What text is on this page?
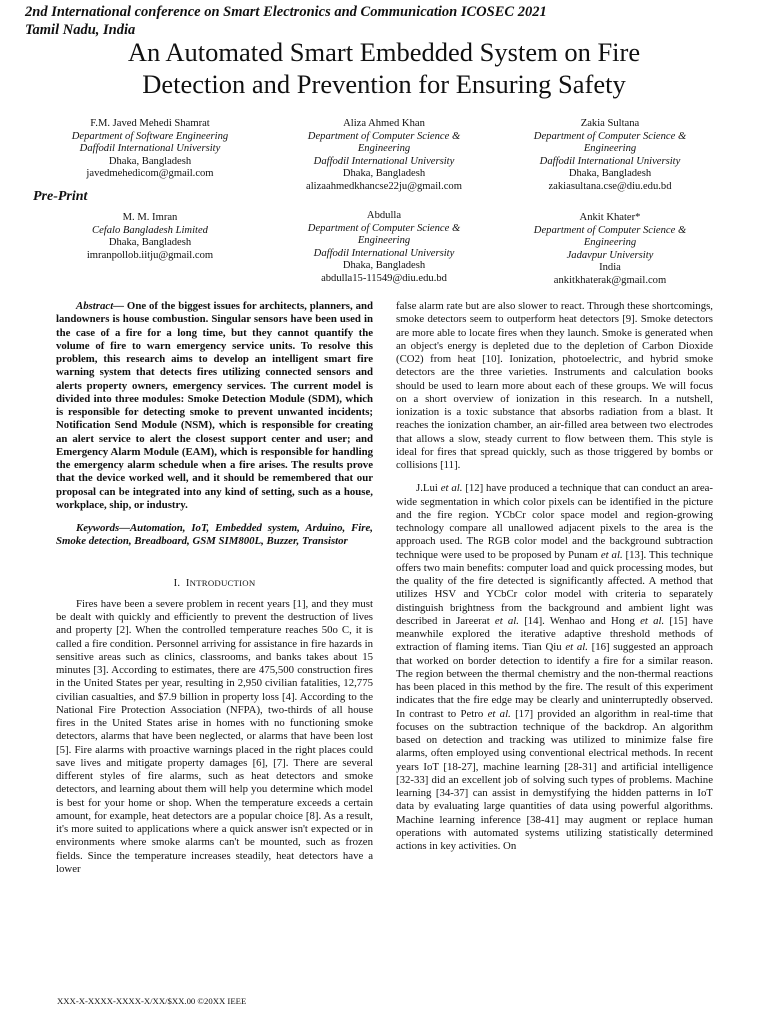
2nd International conference on Smart Electronics and Communication ICOSEC 2021
Tamil Nadu, India
An Automated Smart Embedded System on Fire
Detection and Prevention for Ensuring Safety
F.M. Javed Mehedi Shamrat
Department of Software Engineering
Daffodil International University
Dhaka, Bangladesh
javedmehedicom@gmail.com
Aliza Ahmed Khan
Department of Computer Science & Engineering
Daffodil International University
Dhaka, Bangladesh
alizaahmedkhancse22ju@gmail.com
Zakia Sultana
Department of Computer Science & Engineering
Daffodil International University
Dhaka, Bangladesh
zakiasultana.cse@diu.edu.bd
Pre-Print
M. M. Imran
Cefalo Bangladesh Limited
Dhaka, Bangladesh
imranpollob.iitju@gmail.com
Abdulla
Department of Computer Science & Engineering
Daffodil International University
Dhaka, Bangladesh
abdulla15-11549@diu.edu.bd
Ankit Khater*
Department of Computer Science & Engineering
Jadavpur University
India
ankitkhaterak@gmail.com

Abstract— One of the biggest issues for architects, planners, and landowners is house combustion. Singular sensors have been used in the case of a fire for a long time, but they cannot quantify the volume of fire to warn emergency service units. To resolve this problem, this research aims to develop an intelligent smart fire warning system that detects fires utilizing connected sensors and alerts property owners, emergency services. The current model is divided into three modules: Smoke Detection Module (SDM), which is responsible for detecting smoke to prevent unwanted incidents; Notification Send Module (NSM), which is responsible for creating an alert service to alert the closest support center and user; and Emergency Alarm Module (EAM), which is responsible for handling the emergency alarm schedule when a fire arises. The results prove that the device worked well, and it should be remembered that our proposal can be integrated into any kind of setting, such as a house, workplace, ship, or industry.

Keywords—Automation, IoT, Embedded system, Arduino, Fire, Smoke detection, Breadboard, GSM SIM800L, Buzzer, Transistor

I. INTRODUCTION

Fires have been a severe problem in recent years [1], and they must be dealt with quickly and efficiently to prevent the destruction of lives and property [2]. When the controlled temperature reaches 50o C, it is called a fire condition. Personnel arriving for assistance in fire hazards in sensitive areas such as clinics, classrooms, and banks takes about 15 minutes [3]. According to estimates, there are 475,500 construction fires in the United States per year, resulting in 2,950 civilian fatalities, 12,775 civilian casualties, and $7.9 billion in property loss [4]. According to the National Fire Protection Association (NFPA), two-thirds of all house fires in the United States arise in homes with no functioning smoke detectors, alarms that have been neglected, or alarms that have been lost [5]. Fire alarms with proactive warnings placed in the right places could save lives and mitigate property damages [6], [7]. There are several different styles of fire alarms, such as heat detectors and smoke detectors, and learning about them will help you determine which model is best for your home or shop. When the temperature exceeds a certain amount, for example, heat detectors are a popular choice [8]. As a result, it's more suited to applications where a quick answer isn't expected or in environments where smoke alarms can't be mounted, such as frozen fields. Since the temperature increases steadily, heat detectors have a lower

false alarm rate but are also slower to react. Through these shortcomings, smoke detectors seem to outperform heat detectors [9]. Smoke detectors are more able to locate fires when they launch. Smoke is generated when an object's energy is depleted due to the depletion of Carbon Dioxide (CO2) from heat [10]. Ionization, photoelectric, and hybrid smoke detectors are the three varieties. Instruments and calculation books should be used to learn more about each of these groups. We will focus on a short overview of ionization in this research. In a nutshell, ionization is a toxic substance that absorbs radiation from a blast. It reaches the ionization chamber, an air-filled area between two electrodes that allows a slow, steady current to flow between them. This style is ideal for fires that spread quickly, such as those triggered by bombs or collisions [11].

J.Lui et al. [12] have produced a technique that can conduct an area-wide segmentation in which color pixels can be identified in the picture and the fire region. YCbCr color space model and region-growing technology compare all unallowed adjacent pixels to the area is the approach used. The RGB color model and the background subtraction technique were used to be proposed by Punam et al. [13]. This technique offers two main benefits: computer load and quick processing modes, but the quality of the fire detected is significantly affected. A method that utilizes HSV and YCbCr color model with criteria to separately distinguish brightness from the background and ambient light was described in Jareerat et al. [14]. Wenhao and Hong et al. [15] have meanwhile explored the iterative adaptive threshold methods of extraction of flaming items. Tian Qiu et al. [16] suggested an approach that worked on border detection to identify a fire for a similar reason. The region between the thermal chemistry and the non-thermal reactions has been placed in this method by the fire. The result of this experiment indicates that the fire edge may be clearly and uninterruptedly observed. In contrast to Petro et al. [17] provided an algorithm in real-time that focuses on the subtraction technique of the backdrop. An algorithm based on detection and tracking was utilized to minimize false fire alarms, often employed using conventional electrical methods. In recent years IoT [18-27], machine learning [28-31] and artificial intelligence [32-33] did an excellent job of solving such types of problems. Machine learning [34-37] can assist in demystifying the hidden patterns in IoT data by evaluating large quantities of data using powerful algorithms. Machine learning inference [38-41] may augment or replace human operations with automated systems utilizing statistically determined actions in key activities. On

XXX-X-XXXX-XXXX-X/XX/$XX.00 ©20XX IEEE
